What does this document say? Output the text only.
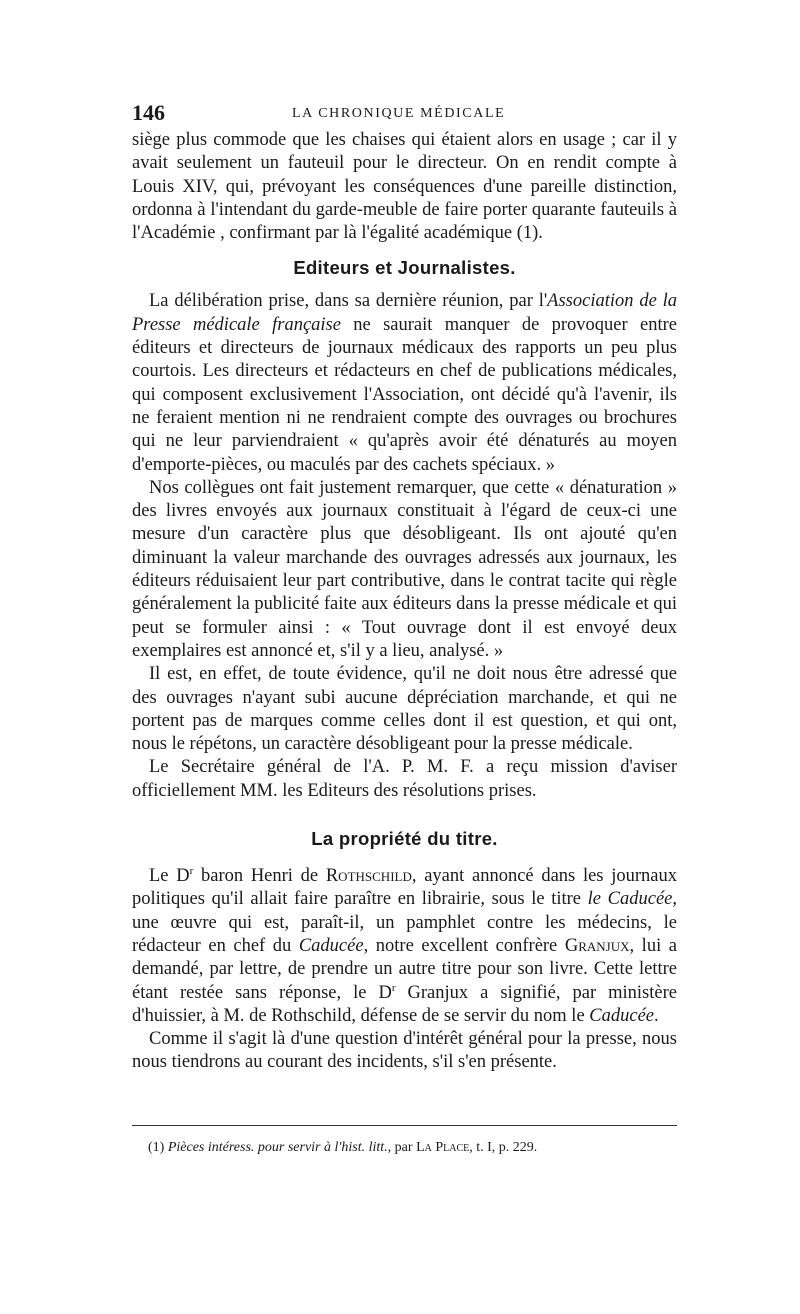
146	LA CHRONIQUE MÉDICALE

siège plus commode que les chaises qui étaient alors en usage ; car il y avait seulement un fauteuil pour le directeur. On en rendit compte à Louis XIV, qui, prévoyant les conséquences d'une pareille distinction, ordonna à l'intendant du garde-meuble de faire porter quarante fauteuils à l'Académie , confirmant par là l'égalité académique (1).

Editeurs et Journalistes.

La délibération prise, dans sa dernière réunion, par l'Association de la Presse médicale française ne saurait manquer de provoquer entre éditeurs et directeurs de journaux médicaux des rapports un peu plus courtois. Les directeurs et rédacteurs en chef de publications médicales, qui composent exclusivement l'Association, ont décidé qu'à l'avenir, ils ne feraient mention ni ne rendraient compte des ouvrages ou brochures qui ne leur parviendraient « qu'après avoir été dénaturés au moyen d'emporte-pièces, ou maculés par des cachets spéciaux. »

Nos collègues ont fait justement remarquer, que cette « dénaturation » des livres envoyés aux journaux constituait à l'égard de ceux-ci une mesure d'un caractère plus que désobligeant. Ils ont ajouté qu'en diminuant la valeur marchande des ouvrages adressés aux journaux, les éditeurs réduisaient leur part contributive, dans le contrat tacite qui règle généralement la publicité faite aux éditeurs dans la presse médicale et qui peut se formuler ainsi : « Tout ouvrage dont il est envoyé deux exemplaires est annoncé et, s'il y a lieu, analysé. »

Il est, en effet, de toute évidence, qu'il ne doit nous être adressé que des ouvrages n'ayant subi aucune dépréciation marchande, et qui ne portent pas de marques comme celles dont il est question, et qui ont, nous le répétons, un caractère désobligeant pour la presse médicale.

Le Secrétaire général de l'A. P. M. F. a reçu mission d'aviser officiellement MM. les Editeurs des résolutions prises.

La propriété du titre.

Le $D^r$ baron Henri de Rothschild, ayant annoncé dans les journaux politiques qu'il allait faire paraître en librairie, sous le titre le Caducée, une œuvre qui est, paraît-il, un pamphlet contre les médecins, le rédacteur en chef du Caducée, notre excellent confrère Granjux, lui a demandé, par lettre, de prendre un autre titre pour son livre. Cette lettre étant restée sans réponse, le $D^r$ Granjux a signifié, par ministère d'huissier, à M. de Rothschild, défense de se servir du nom le Caducée.

Comme il s'agit là d'une question d'intérêt général pour la presse, nous nous tiendrons au courant des incidents, s'il s'en présente.

(1) Pièces intéress. pour servir à l'hist. litt., par La Place, t. I, p. 229.
